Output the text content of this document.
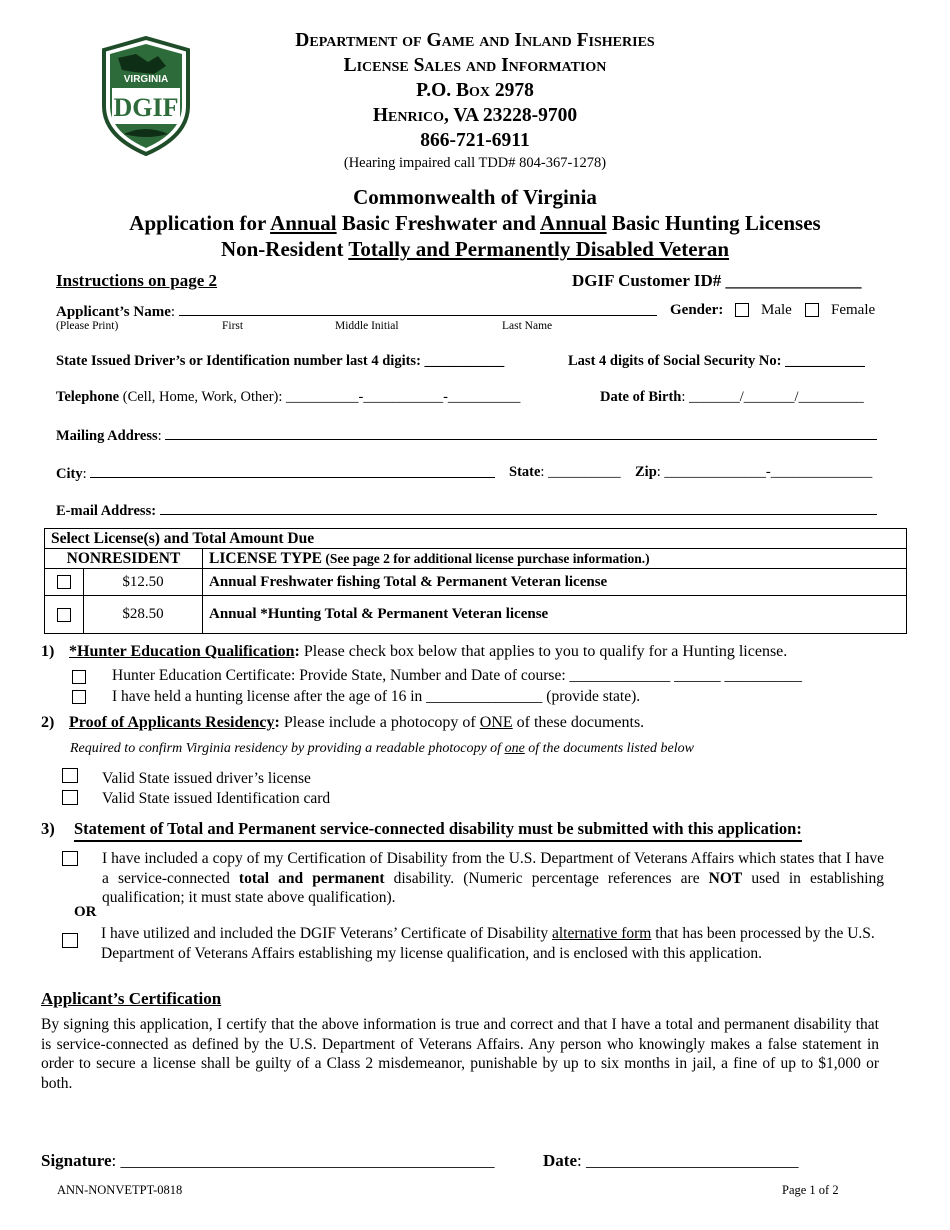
VIRGINIA
DGIF
Department of Game and Inland Fisheries
License Sales and Information
P.O. Box 2978
Henrico, VA 23228-9700
866-721-6911
(Hearing impaired call TDD# 804-367-1278)
Commonwealth of Virginia
Application for Annual Basic Freshwater and Annual Basic Hunting Licenses
Non-Resident Totally and Permanently Disabled Veteran
Instructions on page 2	DGIF Customer ID# ________________
Applicant’s Name:	Gender:	Male	Female
(Please Print)	First	Middle Initial	Last Name
State Issued Driver’s or Identification number last 4 digits: ___________	Last 4 digits of Social Security No: ___________
Telephone (Cell, Home, Work, Other): __________-___________-__________	Date of Birth: _______/_______/_________
Mailing Address:
City:	State: __________ Zip: ______________-______________
E-mail Address:
Select License(s) and Total Amount Due		
NONRESIDENT		LICENSE TYPE (See page 2 for additional license purchase information.)

	$12.50	Annual Freshwater fishing Total & Permanent Veteran license

	$28.50	Annual *Hunting Total & Permanent Veteran license
1) *Hunter Education Qualification: Please check box below that applies to you to qualify for a Hunting license.
Hunter Education Certificate: Provide State, Number and Date of course: _____________ ______ __________
I have held a hunting license after the age of 16 in _______________ (provide state).
2) Proof of Applicants Residency: Please include a photocopy of ONE of these documents.
Required to confirm Virginia residency by providing a readable photocopy of one of the documents listed below
Valid State issued driver’s license
Valid State issued Identification card
3) Statement of Total and Permanent service-connected disability must be submitted with this application:
I have included a copy of my Certification of Disability from the U.S. Department of Veterans Affairs which states that I have a service-connected total and permanent disability. (Numeric percentage references are NOT used in establishing qualification; it must state above qualification).
OR
I have utilized and included the DGIF Veterans’ Certificate of Disability alternative form that has been processed by the U.S. Department of Veterans Affairs establishing my license qualification, and is enclosed with this application.
Applicant’s Certification
By signing this application, I certify that the above information is true and correct and that I have a total and permanent disability that is service-connected as defined by the U.S. Department of Veterans Affairs. Any person who knowingly makes a false statement in order to secure a license shall be guilty of a Class 2 misdemeanor, punishable by up to six months in jail, a fine of up to $1,000 or both.
Signature: ____________________________________________	Date: _________________________
ANN-NONVETPT-0818	Page 1 of 2
